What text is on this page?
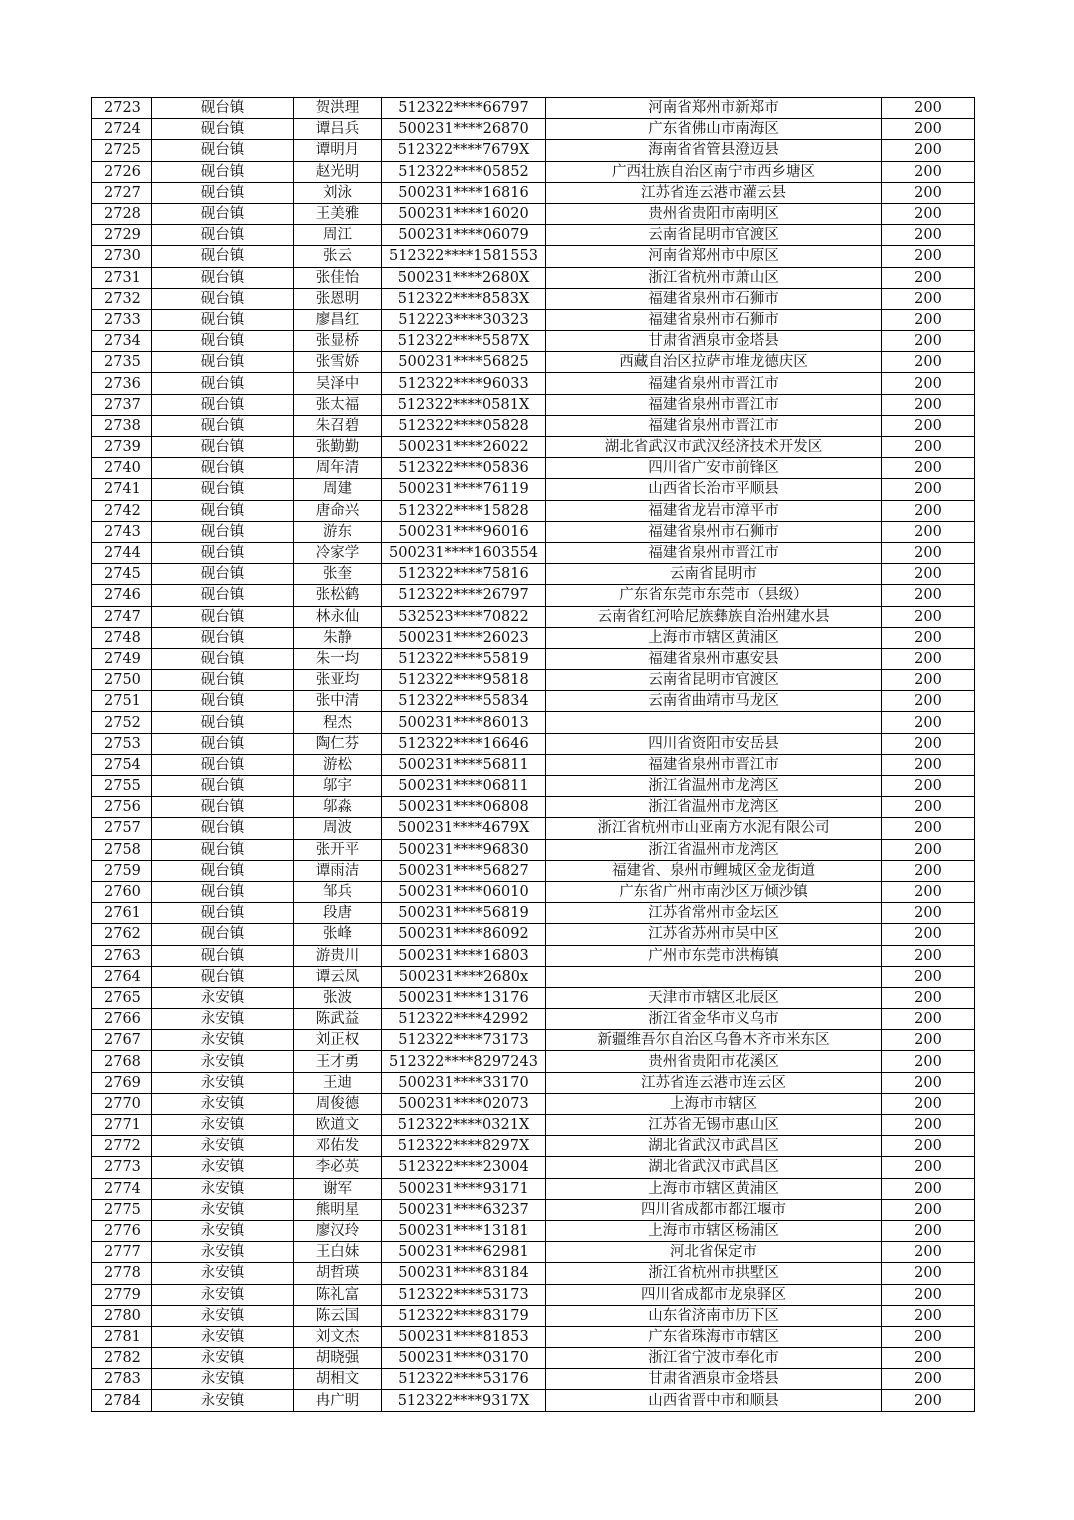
2723	砚台镇	贺洪理	512322****66797	河南省郑州市新郑市	200
2724	砚台镇	谭吕兵	500231****26870	广东省佛山市南海区	200
2725	砚台镇	谭明月	512322****7679X	海南省省管县澄迈县	200
2726	砚台镇	赵光明	512322****05852	广西壮族自治区南宁市西乡塘区	200
2727	砚台镇	刘泳	500231****16816	江苏省连云港市灌云县	200
2728	砚台镇	王美雅	500231****16020	贵州省贵阳市南明区	200
2729	砚台镇	周江	500231****06079	云南省昆明市官渡区	200
2730	砚台镇	张云	512322****1581553	河南省郑州市中原区	200
2731	砚台镇	张佳怡	500231****2680X	浙江省杭州市萧山区	200
2732	砚台镇	张恩明	512322****8583X	福建省泉州市石狮市	200
2733	砚台镇	廖昌红	512223****30323	福建省泉州市石狮市	200
2734	砚台镇	张显桥	512322****5587X	甘肃省酒泉市金塔县	200
2735	砚台镇	张雪娇	500231****56825	西藏自治区拉萨市堆龙德庆区	200
2736	砚台镇	吴泽中	512322****96033	福建省泉州市晋江市	200
2737	砚台镇	张太福	512322****0581X	福建省泉州市晋江市	200
2738	砚台镇	朱召碧	512322****05828	福建省泉州市晋江市	200
2739	砚台镇	张勤勤	500231****26022	湖北省武汉市武汉经济技术开发区	200
2740	砚台镇	周年清	512322****05836	四川省广安市前锋区	200
2741	砚台镇	周建	500231****76119	山西省长治市平顺县	200
2742	砚台镇	唐命兴	512322****15828	福建省龙岩市漳平市	200
2743	砚台镇	游东	500231****96016	福建省泉州市石狮市	200
2744	砚台镇	冷家学	500231****1603554	福建省泉州市晋江市	200
2745	砚台镇	张奎	512322****75816	云南省昆明市	200
2746	砚台镇	张松鹤	512322****26797	广东省东莞市东莞市（县级）	200
2747	砚台镇	林永仙	532523****70822	云南省红河哈尼族彝族自治州建水县	200
2748	砚台镇	朱静	500231****26023	上海市市辖区黄浦区	200
2749	砚台镇	朱一均	512322****55819	福建省泉州市惠安县	200
2750	砚台镇	张亚均	512322****95818	云南省昆明市官渡区	200
2751	砚台镇	张中清	512322****55834	云南省曲靖市马龙区	200
2752	砚台镇	程杰	500231****86013		200
2753	砚台镇	陶仁芬	512322****16646	四川省资阳市安岳县	200
2754	砚台镇	游松	500231****56811	福建省泉州市晋江市	200
2755	砚台镇	邬宇	500231****06811	浙江省温州市龙湾区	200
2756	砚台镇	邬淼	500231****06808	浙江省温州市龙湾区	200
2757	砚台镇	周波	500231****4679X	浙江省杭州市山亚南方水泥有限公司	200
2758	砚台镇	张开平	500231****96830	浙江省温州市龙湾区	200
2759	砚台镇	谭雨洁	500231****56827	福建省、泉州市鲤城区金龙街道	200
2760	砚台镇	邹兵	500231****06010	广东省广州市南沙区万倾沙镇	200
2761	砚台镇	段唐	500231****56819	江苏省常州市金坛区	200
2762	砚台镇	张峰	500231****86092	江苏省苏州市吴中区	200
2763	砚台镇	游贵川	500231****16803	广州市东莞市洪梅镇	200
2764	砚台镇	谭云凤	500231****2680x		200
2765	永安镇	张波	500231****13176	天津市市辖区北辰区	200
2766	永安镇	陈武益	512322****42992	浙江省金华市义乌市	200
2767	永安镇	刘正权	512322****73173	新疆维吾尔自治区乌鲁木齐市米东区	200
2768	永安镇	王才勇	512322****8297243	贵州省贵阳市花溪区	200
2769	永安镇	王迪	500231****33170	江苏省连云港市连云区	200
2770	永安镇	周俊德	500231****02073	上海市市辖区	200
2771	永安镇	欧道文	512322****0321X	江苏省无锡市惠山区	200
2772	永安镇	邓佑发	512322****8297X	湖北省武汉市武昌区	200
2773	永安镇	李必英	512322****23004	湖北省武汉市武昌区	200
2774	永安镇	谢军	500231****93171	上海市市辖区黄浦区	200
2775	永安镇	熊明星	500231****63237	四川省成都市都江堰市	200
2776	永安镇	廖汉玲	500231****13181	上海市市辖区杨浦区	200
2777	永安镇	王白妹	500231****62981	河北省保定市	200
2778	永安镇	胡哲瑛	500231****83184	浙江省杭州市拱墅区	200
2779	永安镇	陈礼富	512322****53173	四川省成都市龙泉驿区	200
2780	永安镇	陈云国	512322****83179	山东省济南市历下区	200
2781	永安镇	刘文杰	500231****81853	广东省珠海市市辖区	200
2782	永安镇	胡晓强	500231****03170	浙江省宁波市奉化市	200
2783	永安镇	胡相文	512322****53176	甘肃省酒泉市金塔县	200
2784	永安镇	冉广明	512322****9317X	山西省晋中市和顺县	200
